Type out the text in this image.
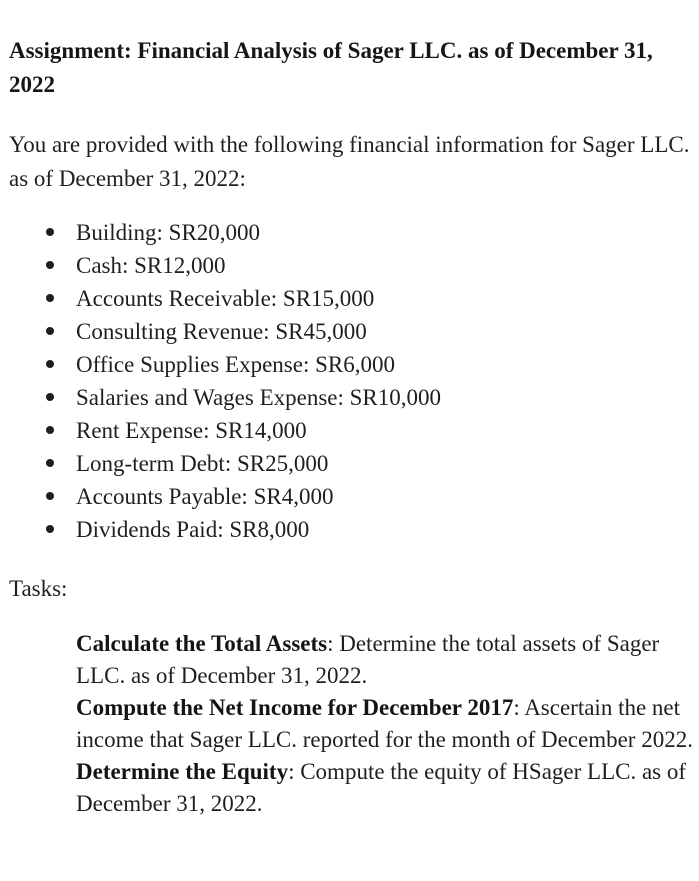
Assignment: Financial Analysis of Sager LLC. as of December 31, 2022

You are provided with the following financial information for Sager LLC. as of December 31, 2022:

Building: SR20,000
Cash: SR12,000
Accounts Receivable: SR15,000
Consulting Revenue: SR45,000
Office Supplies Expense: SR6,000
Salaries and Wages Expense: SR10,000
Rent Expense: SR14,000
Long-term Debt: SR25,000
Accounts Payable: SR4,000
Dividends Paid: SR8,000

Tasks:

Calculate the Total Assets: Determine the total assets of Sager LLC. as of December 31, 2022.

Compute the Net Income for December 2017: Ascertain the net income that Sager LLC. reported for the month of December 2022.

Determine the Equity: Compute the equity of HSager LLC. as of December 31, 2022.
